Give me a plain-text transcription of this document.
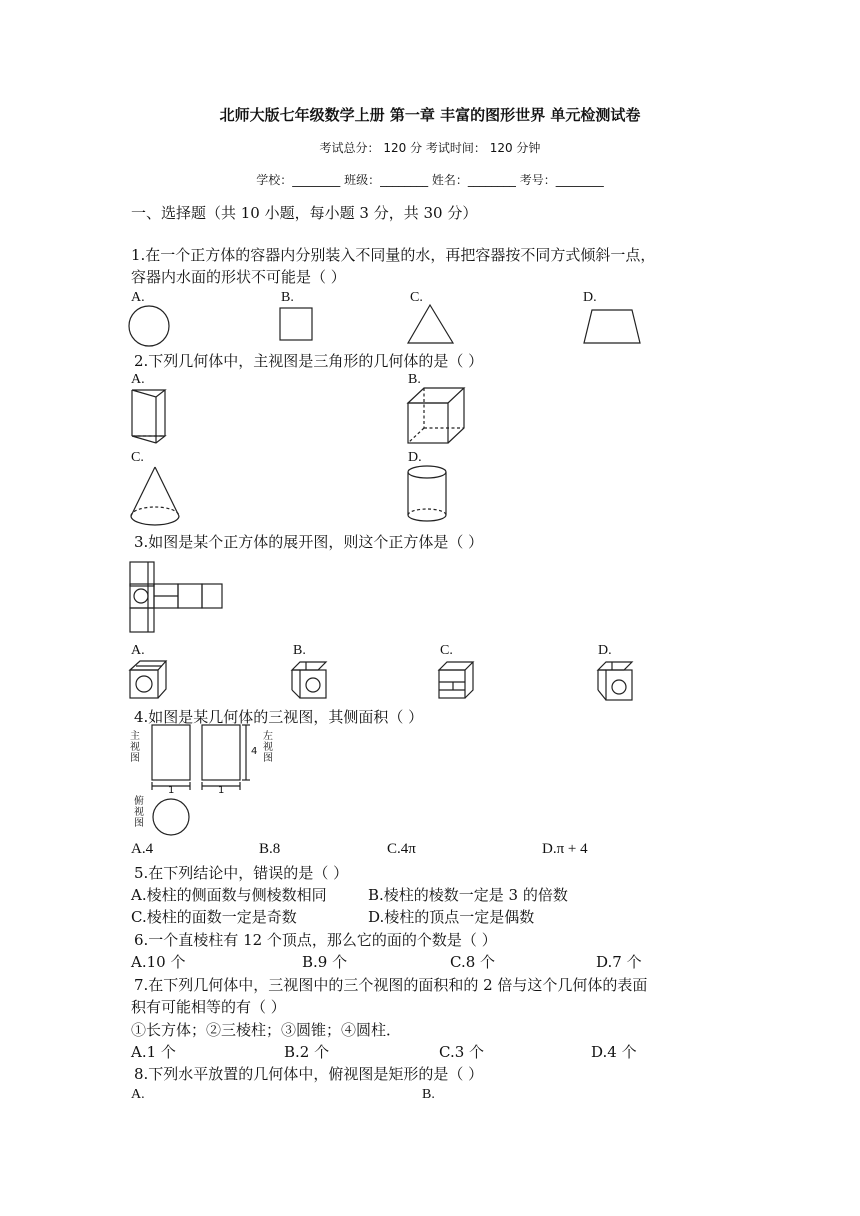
北师大版七年级数学上册 第一章 丰富的图形世界 单元检测试卷
考试总分： 120 分 考试时间： 120 分钟
学校：________ 班级：________ 姓名：________ 考号：________
一、选择题（共 10 小题，每小题 3 分，共 30 分）
1.在一个正方体的容器内分别装入不同量的水，再把容器按不同方式倾斜一点，
容器内水面的形状不可能是（ ）
A.	B.	C.	D.
2.下列几何体中，主视图是三角形的几何体的是（ ）
A.	B.
C.	D.
3.如图是某个正方体的展开图，则这个正方体是（ ）
A.	B.	C.	D.
4.如图是某几何体的三视图，其侧面积（ ）
主视图
左视图
俯视图
1	1
4
A.4	B.8	C.4π	D.π + 4
5.在下列结论中，错误的是（ ）
A.棱柱的侧面数与侧棱数相同	B.棱柱的棱数一定是 3 的倍数
C.棱柱的面数一定是奇数	D.棱柱的顶点一定是偶数
6.一个直棱柱有 12 个顶点，那么它的面的个数是（ ）
A.10 个	B.9 个	C.8 个	D.7 个
7.在下列几何体中，三视图中的三个视图的面积和的 2 倍与这个几何体的表面
积有可能相等的有（ ）
①长方体；②三棱柱；③圆锥；④圆柱．
A.1 个	B.2 个	C.3 个	D.4 个
8.下列水平放置的几何体中，俯视图是矩形的是（ ）
A.	B.
